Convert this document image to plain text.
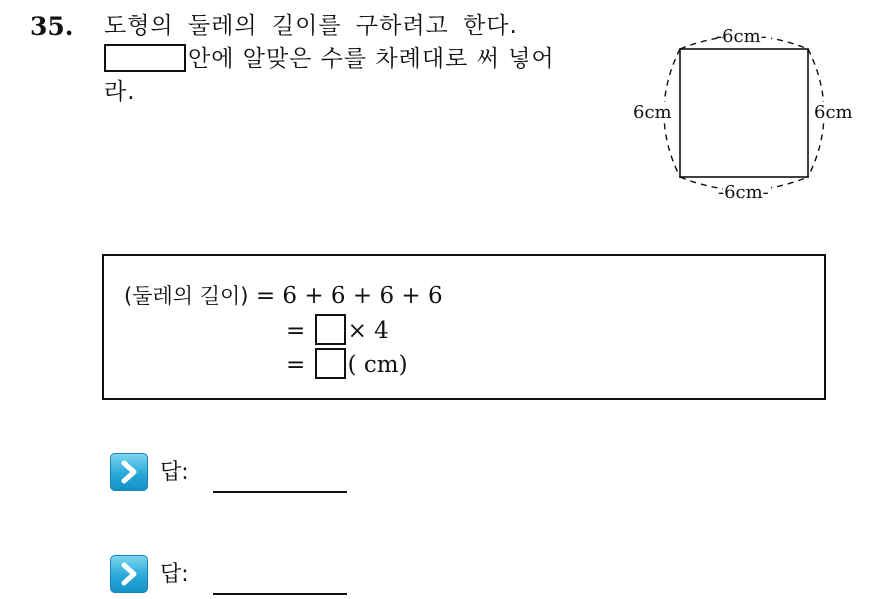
35. 도형의 둘레의 길이를 구하려고 한다.
안에 알맞은 수를 차례대로 써 넣어
라.
-6cm-
-6cm-
6cm	6cm
(둘레의 길이) = 6 + 6 + 6 + 6
= × 4
= ( cm)
답:
답:
